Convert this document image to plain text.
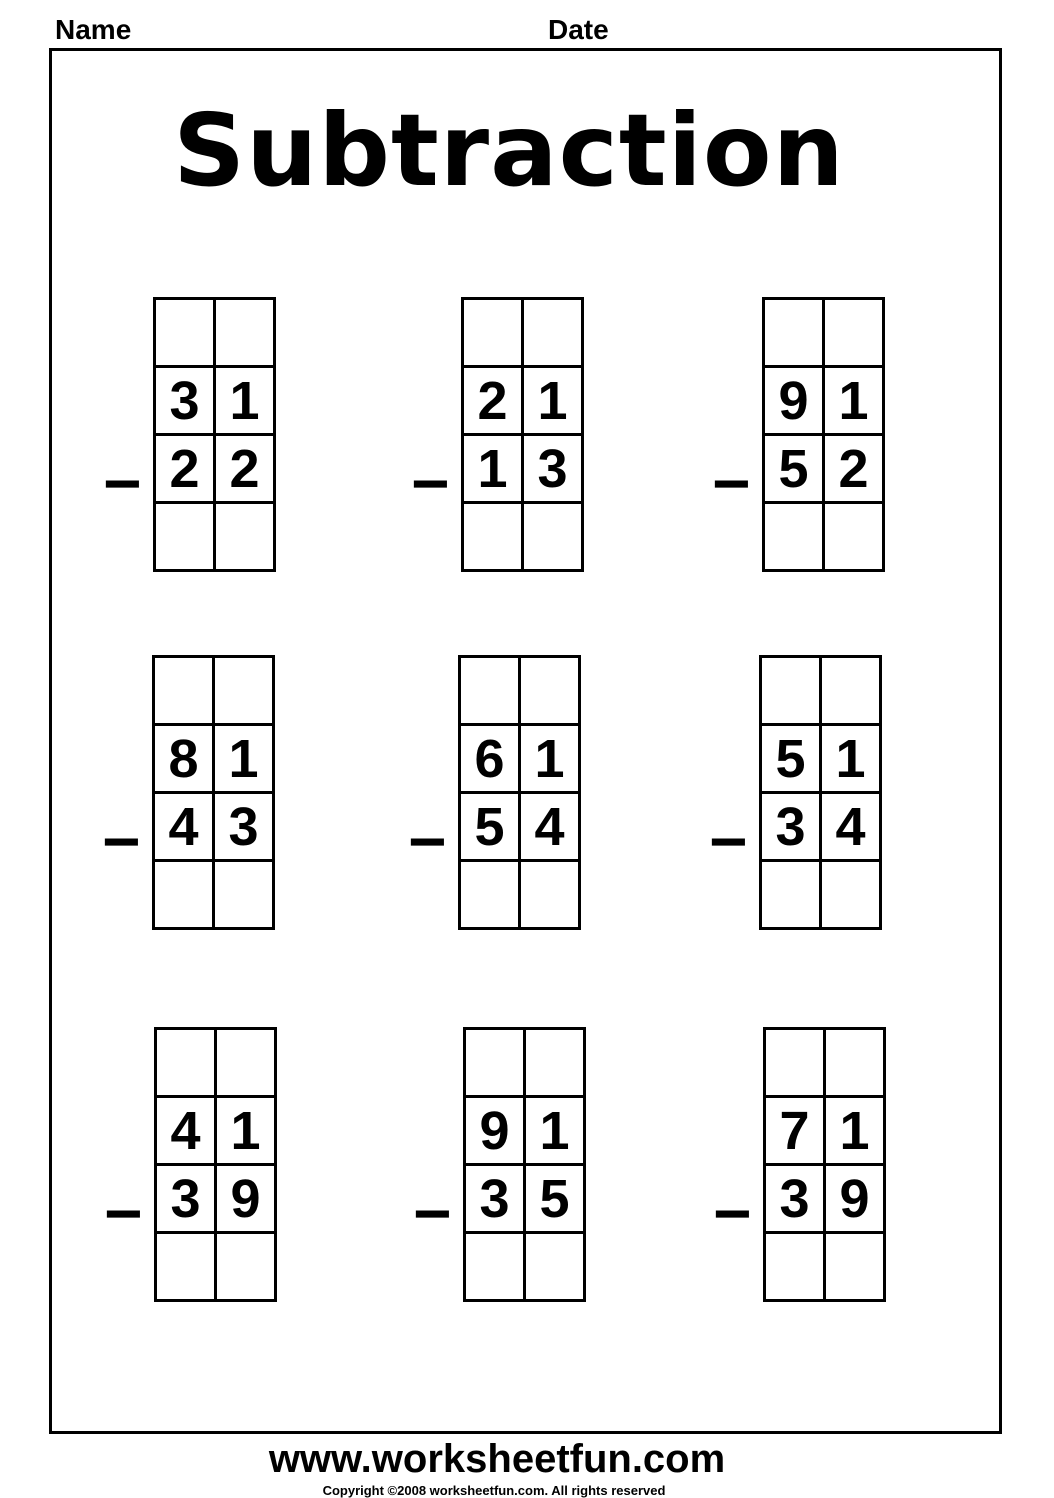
Name	Date
Subtraction
−

3	1
2	2
	−

2	1
1	3
	−

9	1
5	2

−

8	1
4	3
	−

6	1
5	4
	−

5	1
3	4

−

4	1
3	9
	−

9	1
3	5
	−

7	1
3	9

www.worksheetfun.com
Copyright ©2008 worksheetfun.com. All rights reserved
